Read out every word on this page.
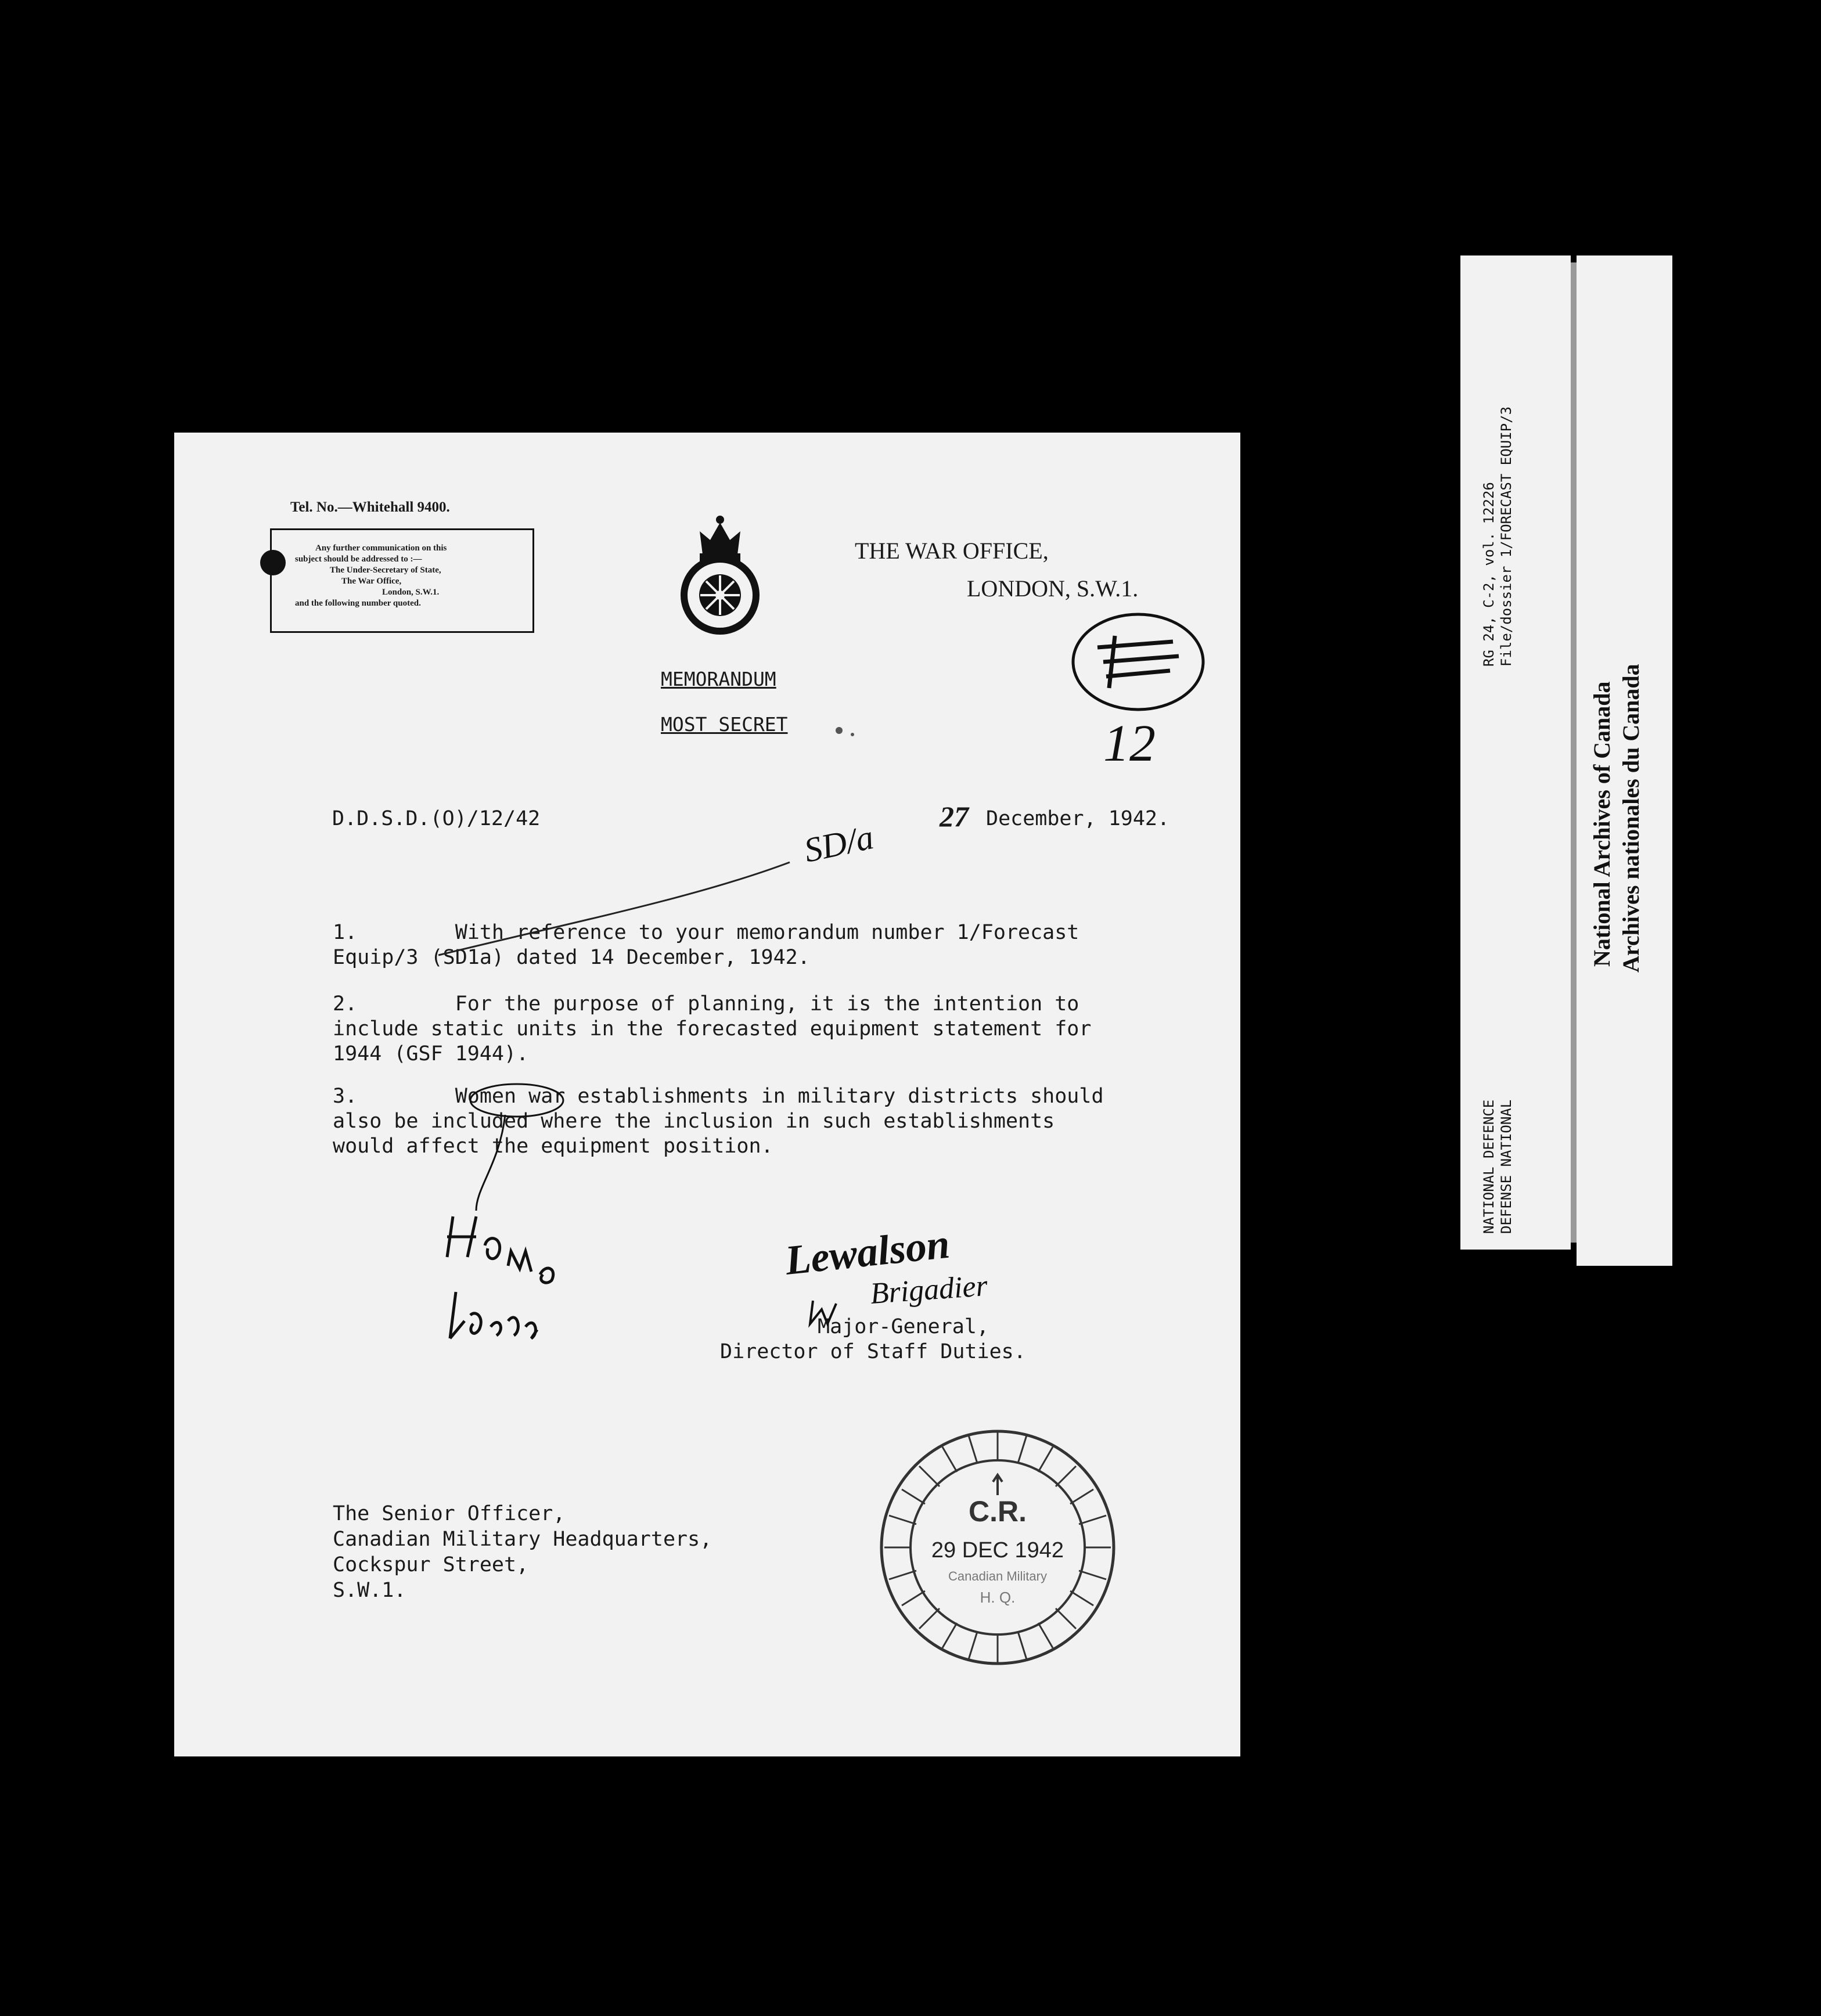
Tel. No.—Whitehall 9400.
Any further communication on this
subject should be addressed to :—
The Under-Secretary of State,
The War Office,
London, S.W.1.
and the following number quoted.
THE WAR OFFICE,
LONDON, S.W.1.
MEMORANDUM
MOST SECRET
D.D.S.D.(O)/12/42	27 December, 1942.
1.        With reference to your memorandum number 1/Forecast
Equip/3 (SD1a) dated 14 December, 1942.
2.        For the purpose of planning, it is the intention to
include static units in the forecasted equipment statement for
1944 (GSF 1944).
3.        Women war establishments in military districts should
also be included where the inclusion in such establishments
would affect the equipment position.
Major-General,
Director of Staff Duties.
The Senior Officer,
Canadian Military Headquarters,
Cockspur Street,
S.W.1.
12
SD/a
Lewalson
Brigadier
C.R.
29 DEC 1942
Canadian Military
H. Q.
RG 24, C-2, vol. 12226 File/dossier 1/FORECAST EQUIP/3
NATIONAL DEFENCE DEFENSE NATIONAL
National Archives of Canada Archives nationales du Canada
